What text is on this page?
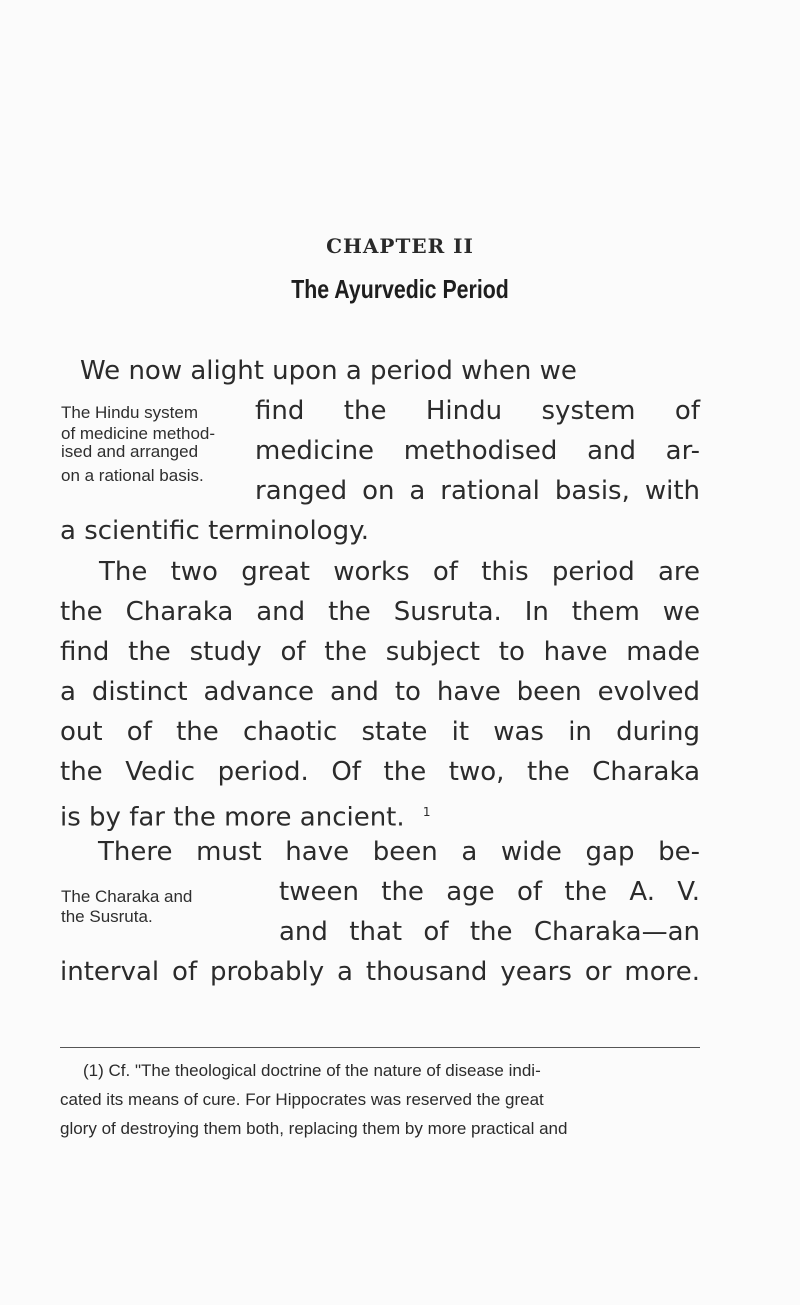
CHAPTER II
The Ayurvedic Period
The Hindu system
of medicine method-
ised and arranged
on a rational basis.
We now alight upon a period when we
find the Hindu system of
medicine methodised and ar-
ranged on a rational basis, with
a scientific terminology.
The two great works of this period are
the Charaka and the Susruta. In them we
find the study of the subject to have made
a distinct advance and to have been evolved
out of the chaotic state it was in during
the Vedic period. Of the two, the Charaka
is by far the more ancient. $^1$
There must have been a wide gap be-
tween the age of the A. V.
and that of the Charaka—an
interval of probably a thousand years or more.
The Charaka and
the Susruta.
(1) Cf. "The theological doctrine of the nature of disease indi-
cated its means of cure. For Hippocrates was reserved the great
glory of destroying them both, replacing them by more practical and
